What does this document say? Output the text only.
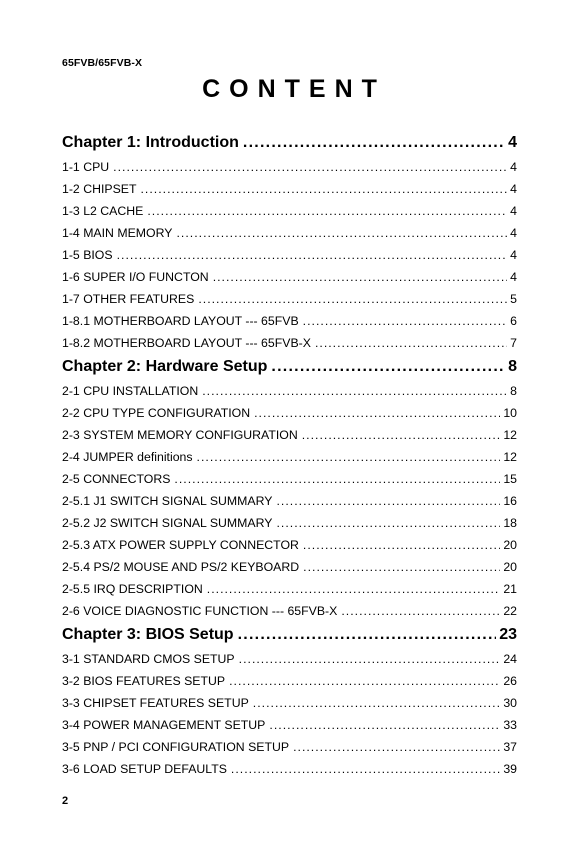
65FVB/65FVB-X
CONTENT
Chapter 1: Introduction . . .	4
1-1 CPU . . .	4
1-2 CHIPSET . . .	4
1-3 L2 CACHE . . .	4
1-4 MAIN MEMORY . . .	4
1-5 BIOS . . .	4
1-6 SUPER I/O FUNCTON . . .	4
1-7 OTHER FEATURES . . .	5
1-8.1 MOTHERBOARD LAYOUT --- 65FVB . . .	6
1-8.2 MOTHERBOARD LAYOUT --- 65FVB-X . . .	7
Chapter 2: Hardware Setup . . .	8
2-1 CPU INSTALLATION . . .	8
2-2 CPU TYPE CONFIGURATION . . .	10
2-3 SYSTEM MEMORY CONFIGURATION . . .	12
2-4 JUMPER definitions . . .	12
2-5 CONNECTORS . . .	15
2-5.1 J1 SWITCH SIGNAL SUMMARY . . .	16
2-5.2 J2 SWITCH SIGNAL SUMMARY . . .	18
2-5.3 ATX POWER SUPPLY CONNECTOR . . .	20
2-5.4 PS/2 MOUSE AND PS/2 KEYBOARD . . .	20
2-5.5 IRQ DESCRIPTION . . .	21
2-6 VOICE DIAGNOSTIC FUNCTION --- 65FVB-X . . .	22
Chapter 3: BIOS Setup . . .	23
3-1 STANDARD CMOS SETUP . . .	24
3-2 BIOS FEATURES SETUP . . .	26
3-3 CHIPSET FEATURES SETUP . . .	30
3-4 POWER MANAGEMENT SETUP . . .	33
3-5 PNP / PCI CONFIGURATION SETUP . . .	37
3-6 LOAD SETUP DEFAULTS . . .	39
2
